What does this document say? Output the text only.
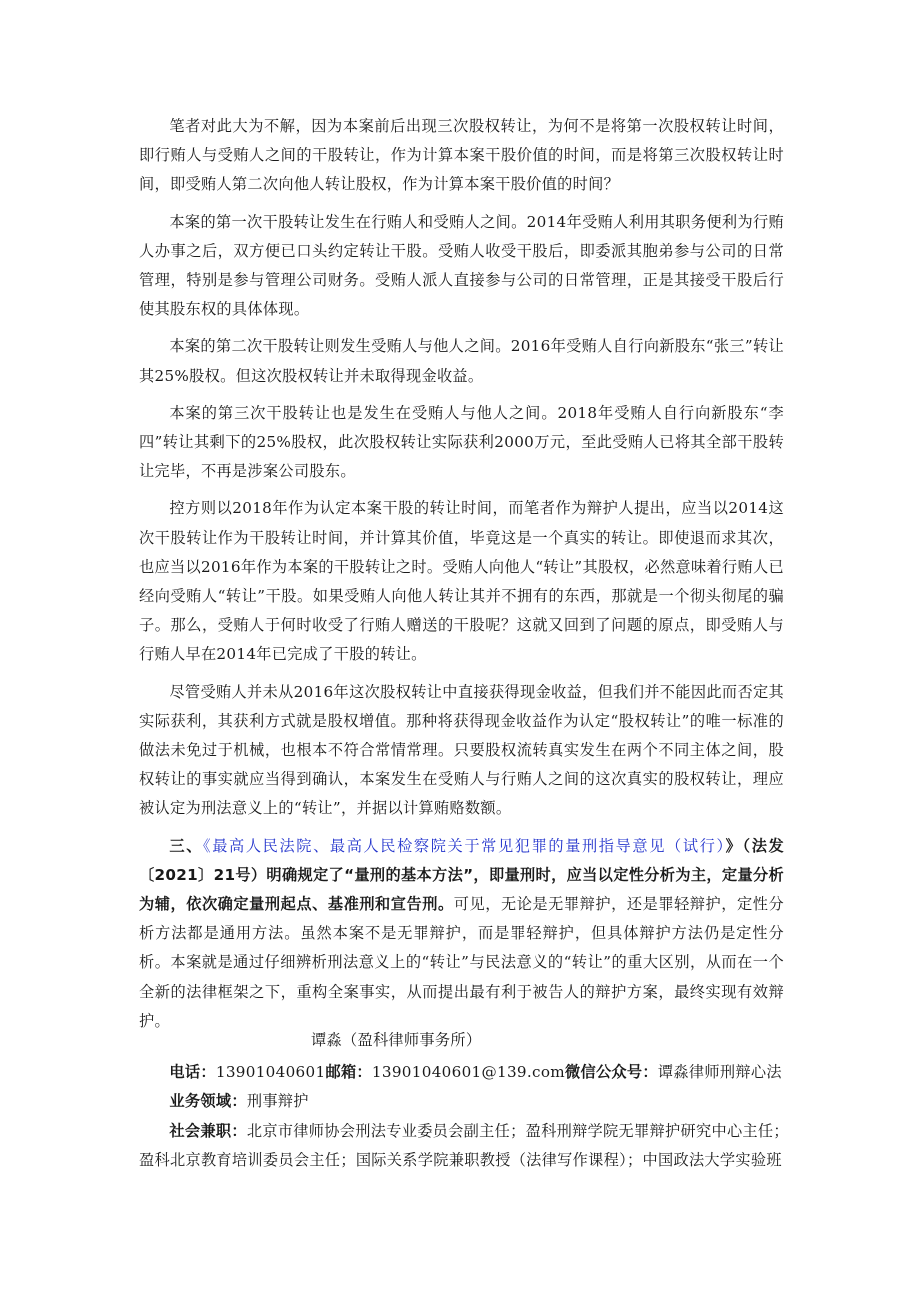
笔者对此大为不解，因为本案前后出现三次股权转让，为何不是将第一次股权转让时间，即行贿人与受贿人之间的干股转让，作为计算本案干股价值的时间，而是将第三次股权转让时间，即受贿人第二次向他人转让股权，作为计算本案干股价值的时间？

本案的第一次干股转让发生在行贿人和受贿人之间。2014年受贿人利用其职务便利为行贿人办事之后，双方便已口头约定转让干股。受贿人收受干股后，即委派其胞弟参与公司的日常管理，特别是参与管理公司财务。受贿人派人直接参与公司的日常管理，正是其接受干股后行使其股东权的具体体现。

本案的第二次干股转让则发生受贿人与他人之间。2016年受贿人自行向新股东“张三”转让其25%股权。但这次股权转让并未取得现金收益。

本案的第三次干股转让也是发生在受贿人与他人之间。2018年受贿人自行向新股东“李四”转让其剩下的25%股权，此次股权转让实际获利2000万元，至此受贿人已将其全部干股转让完毕，不再是涉案公司股东。

控方则以2018年作为认定本案干股的转让时间，而笔者作为辩护人提出，应当以2014这次干股转让作为干股转让时间，并计算其价值，毕竟这是一个真实的转让。即使退而求其次，也应当以2016年作为本案的干股转让之时。受贿人向他人“转让”其股权，必然意味着行贿人已经向受贿人“转让”干股。如果受贿人向他人转让其并不拥有的东西，那就是一个彻头彻尾的骗子。那么，受贿人于何时收受了行贿人赠送的干股呢？这就又回到了问题的原点，即受贿人与行贿人早在2014年已完成了干股的转让。

尽管受贿人并未从2016年这次股权转让中直接获得现金收益，但我们并不能因此而否定其实际获利，其获利方式就是股权增值。那种将获得现金收益作为认定“股权转让”的唯一标准的做法未免过于机械，也根本不符合常情常理。只要股权流转真实发生在两个不同主体之间，股权转让的事实就应当得到确认，本案发生在受贿人与行贿人之间的这次真实的股权转让，理应被认定为刑法意义上的“转让”，并据以计算贿赂数额。

三、《最高人民法院、最高人民检察院关于常见犯罪的量刑指导意见（试行）》（法发〔2021〕21号）明确规定了“量刑的基本方法”，即量刑时，应当以定性分析为主，定量分析为辅，依次确定量刑起点、基准刑和宣告刑。可见，无论是无罪辩护，还是罪轻辩护，定性分析方法都是通用方法。虽然本案不是无罪辩护，而是罪轻辩护，但具体辩护方法仍是定性分析。本案就是通过仔细辨析刑法意义上的“转让”与民法意义的“转让”的重大区别，从而在一个全新的法律框架之下，重构全案事实，从而提出最有利于被告人的辩护方案，最终实现有效辩护。

谭淼（盈科律师事务所）

电话：13901040601邮箱：13901040601@139.com微信公众号：谭淼律师刑辩心法

业务领域：刑事辩护

社会兼职：北京市律师协会刑法专业委员会副主任；盈科刑辩学院无罪辩护研究中心主任；盈科北京教育培训委员会主任；国际关系学院兼职教授（法律写作课程）；中国政法大学实验班
